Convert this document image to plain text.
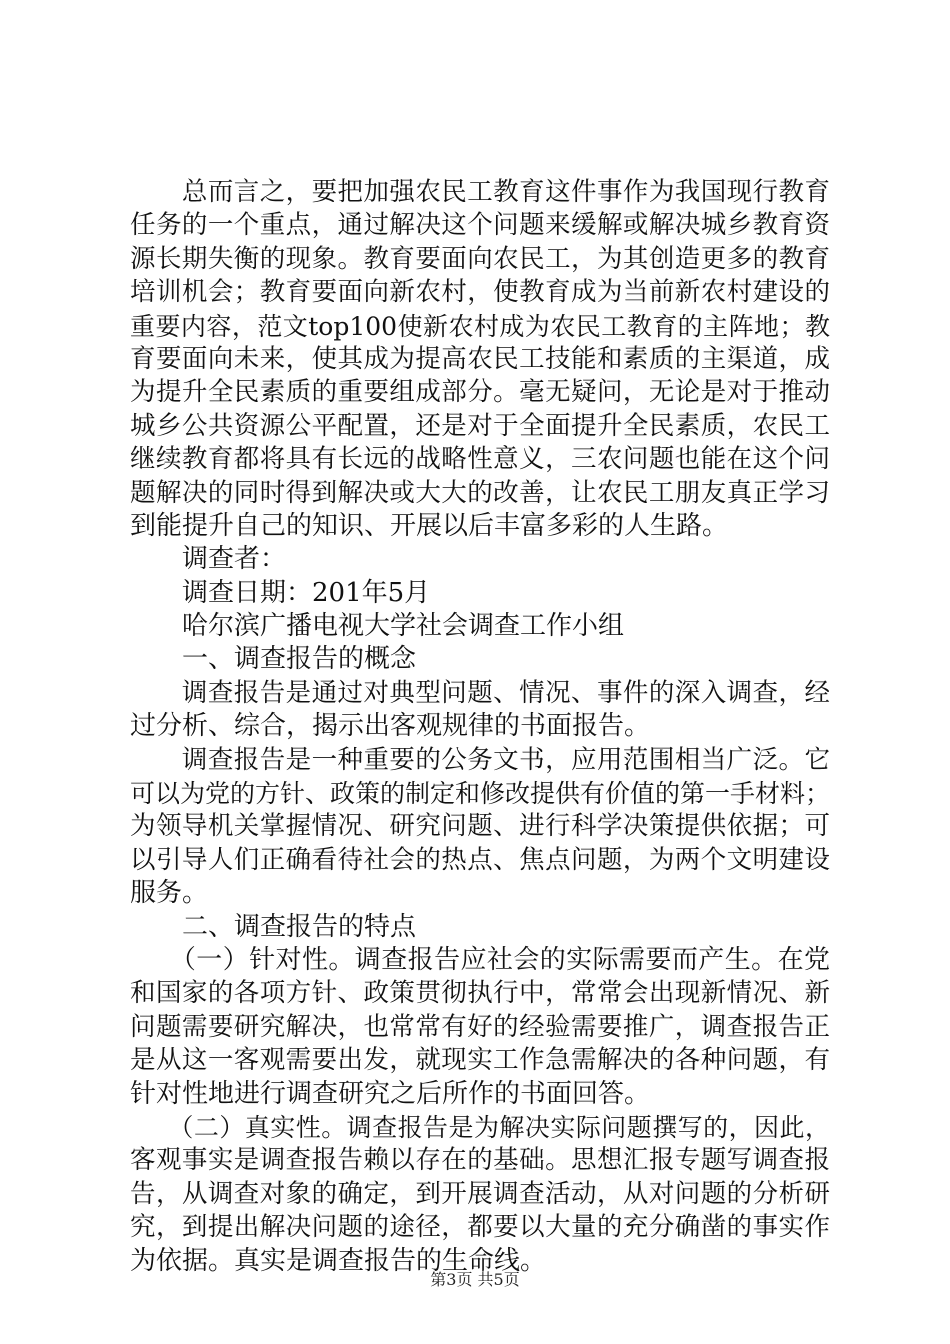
　　总而言之，要把加强农民工教育这件事作为我国现行教育
任务的一个重点，通过解决这个问题来缓解或解决城乡教育资
源长期失衡的现象。教育要面向农民工，为其创造更多的教育
培训机会；教育要面向新农村，使教育成为当前新农村建设的
重要内容，范文top100使新农村成为农民工教育的主阵地；教
育要面向未来，使其成为提高农民工技能和素质的主渠道，成
为提升全民素质的重要组成部分。毫无疑问，无论是对于推动
城乡公共资源公平配置，还是对于全面提升全民素质，农民工
继续教育都将具有长远的战略性意义，三农问题也能在这个问
题解决的同时得到解决或大大的改善，让农民工朋友真正学习
到能提升自己的知识、开展以后丰富多彩的人生路。
　　调查者：
　　调查日期：201年5月
　　哈尔滨广播电视大学社会调查工作小组
　　一、调查报告的概念
　　调查报告是通过对典型问题、情况、事件的深入调查，经
过分析、综合，揭示出客观规律的书面报告。
　　调查报告是一种重要的公务文书，应用范围相当广泛。它
可以为党的方针、政策的制定和修改提供有价值的第一手材料；
为领导机关掌握情况、研究问题、进行科学决策提供依据；可
以引导人们正确看待社会的热点、焦点问题，为两个文明建设
服务。
　　二、调查报告的特点
　　（一）针对性。调查报告应社会的实际需要而产生。在党
和国家的各项方针、政策贯彻执行中，常常会出现新情况、新
问题需要研究解决，也常常有好的经验需要推广，调查报告正
是从这一客观需要出发，就现实工作急需解决的各种问题，有
针对性地进行调查研究之后所作的书面回答。
　　（二）真实性。调查报告是为解决实际问题撰写的，因此，
客观事实是调查报告赖以存在的基础。思想汇报专题写调查报
告，从调查对象的确定，到开展调查活动，从对问题的分析研
究，到提出解决问题的途径，都要以大量的充分确凿的事实作
为依据。真实是调查报告的生命线。
第3页 共5页
